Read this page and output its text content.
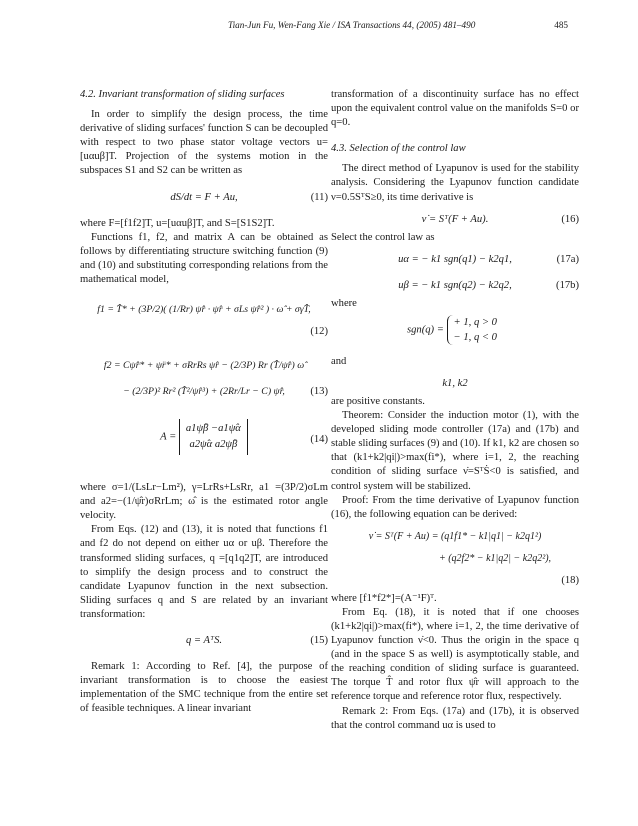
Tian-Jun Fu, Wen-Fang Xie / ISA Transactions 44, (2005) 481–490	485
4.2. Invariant transformation of sliding surfaces

In order to simplify the design process, the time derivative of sliding surfaces' function S can be decoupled with respect to two phase stator voltage vectors u=[uαuβ]T. Projection of the systems motion in the subspaces S1 and S2 can be written as

dS/dt = F + Au,	(11)

where F=[f1f2]T, u=[uαuβ]T, and S=[S1S2]T.

Functions f1, f2, and matrix A can be obtained as follows by differentiating structure switching function (9) and (10) and substituting corresponding relations from the mathematical model,

f1 = T̂* + (3P/2)( (1/Rr) ψ̂̇r · ψ̂r + σLs ψ̂r² ) · ω̂ + σγT̂,
(12)
f2 = Cψ̂̇r* + ψ̈r* + σRrRs ψ̂r − (2/3P) Rr (T̂/ψ̂r) ω̂
− (2/3P)² Rr² (T̂²/ψ̂r³) + (2Rr/Lr − C) ψ̂̇r, (13)
A =
a1ψ̂β −a1ψ̂α
a2ψ̂α a2ψ̂β	(14)

where σ=1/(LsLr−Lm²), γ=LrRs+LsRr, a1 =(3P/2)σLm and a2=−(1/ψ̂r)σRrLm; ω̂ is the estimated rotor angle velocity.

From Eqs. (12) and (13), it is noted that functions f1 and f2 do not depend on either uα or uβ. Therefore the transformed sliding surfaces, q =[q1q2]T, are introduced to simplify the design process and to construct the candidate Lyapunov function in the next subsection. Sliding surfaces q and S are related by an invariant transformation:

q = AᵀS.	(15)

Remark 1: According to Ref. [4], the purpose of invariant transformation is to choose the easiest implementation of the SMC technique from the entire set of feasible techniques. A linear invariant

transformation of a discontinuity surface has no effect upon the equivalent control value on the manifolds S=0 or q=0.

4.3. Selection of the control law

The direct method of Lyapunov is used for the stability analysis. Considering the Lyapunov function candidate ν=0.5SᵀS≥0, its time derivative is

ν̇ = Sᵀ(F + Au).	(16)

Select the control law as

uα = − k1 sgn(q1) − k2q1,	(17a)
uβ = − k1 sgn(q2) − k2q2,	(17b)

where

sgn(q) =
+ 1, q > 0
− 1, q < 0

and

k1, k2

are positive constants.

Theorem: Consider the induction motor (1), with the developed sliding mode controller (17a) and (17b) and stable sliding surfaces (9) and (10). If k1, k2 are chosen so that (k1+k2|qi|)>max(fi*), where i=1, 2, the reaching condition of sliding surface ν̇=SᵀṠ<0 is satisfied, and control system will be stabilized.

Proof: From the time derivative of Lyapunov function (16), the following equation can be derived:

ν̇ = Sᵀ(F + Au) = (q1f1* − k1|q1| − k2q1²)
+ (q2f2* − k1|q2| − k2q2²),
(18)

where [f1*f2*]=(A⁻¹F)ᵀ.

From Eq. (18), it is noted that if one chooses (k1+k2|qi|)>max(fi*), where i=1, 2, the time derivative of Lyapunov function ν̇<0. Thus the origin in the space q (and in the space S as well) is asymptotically stable, and the reaching condition of sliding surface is guaranteed. The torque T̂ and rotor flux ψ̂r will approach to the reference torque and reference rotor flux, respectively.

Remark 2: From Eqs. (17a) and (17b), it is observed that the control command uα is used to
